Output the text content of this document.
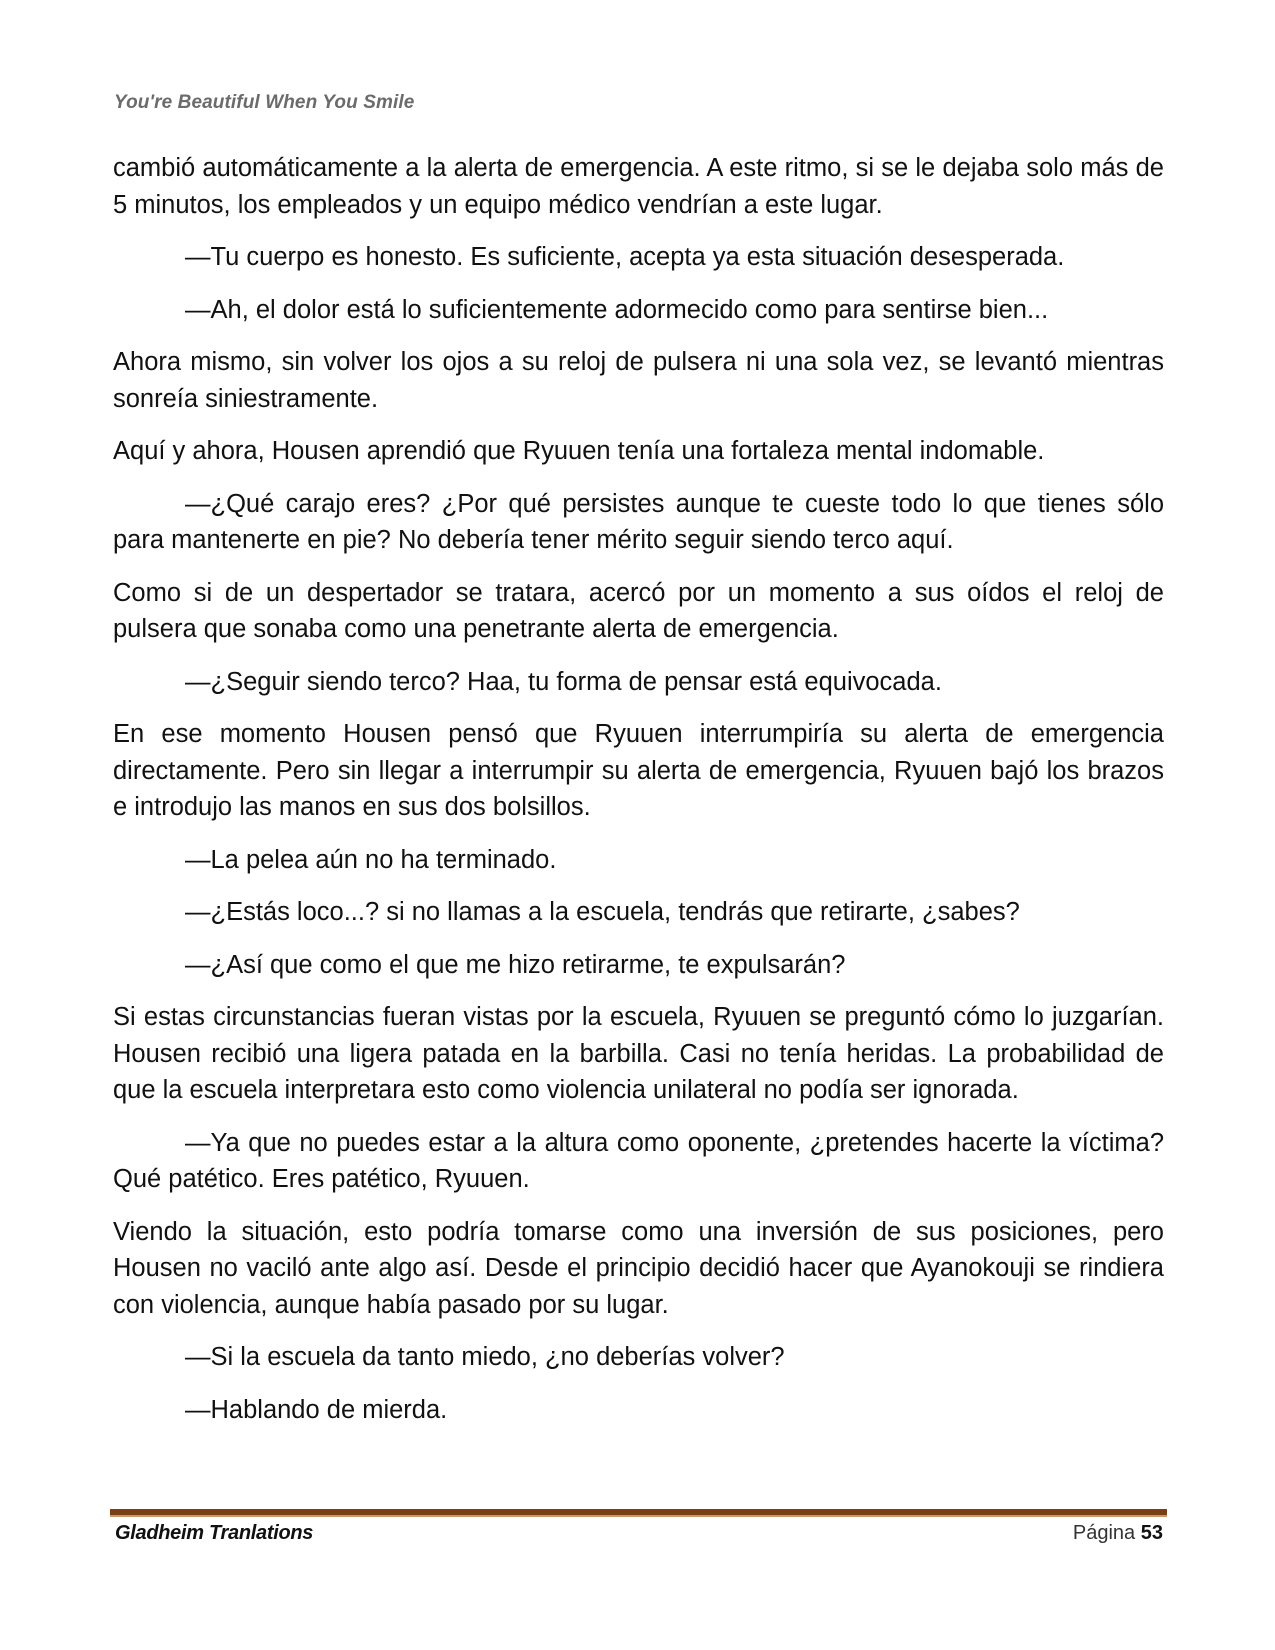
You're Beautiful When You Smile

cambió automáticamente a la alerta de emergencia. A este ritmo, si se le dejaba solo más de 5 minutos, los empleados y un equipo médico vendrían a este lugar.

—Tu cuerpo es honesto. Es suficiente, acepta ya esta situación desesperada.

—Ah, el dolor está lo suficientemente adormecido como para sentirse bien...

Ahora mismo, sin volver los ojos a su reloj de pulsera ni una sola vez, se levantó mientras sonreía siniestramente.

Aquí y ahora, Housen aprendió que Ryuuen tenía una fortaleza mental indomable.

—¿Qué carajo eres? ¿Por qué persistes aunque te cueste todo lo que tienes sólo para mantenerte en pie? No debería tener mérito seguir siendo terco aquí.

Como si de un despertador se tratara, acercó por un momento a sus oídos el reloj de pulsera que sonaba como una penetrante alerta de emergencia.

—¿Seguir siendo terco? Haa, tu forma de pensar está equivocada.

En ese momento Housen pensó que Ryuuen interrumpiría su alerta de emergencia directamente. Pero sin llegar a interrumpir su alerta de emergencia, Ryuuen bajó los brazos e introdujo las manos en sus dos bolsillos.

—La pelea aún no ha terminado.

—¿Estás loco...? si no llamas a la escuela, tendrás que retirarte, ¿sabes?

—¿Así que como el que me hizo retirarme, te expulsarán?

Si estas circunstancias fueran vistas por la escuela, Ryuuen se preguntó cómo lo juzgarían. Housen recibió una ligera patada en la barbilla. Casi no tenía heridas. La probabilidad de que la escuela interpretara esto como violencia unilateral no podía ser ignorada.

—Ya que no puedes estar a la altura como oponente, ¿pretendes hacerte la víctima? Qué patético. Eres patético, Ryuuen.

Viendo la situación, esto podría tomarse como una inversión de sus posiciones, pero Housen no vaciló ante algo así. Desde el principio decidió hacer que Ayanokouji se rindiera con violencia, aunque había pasado por su lugar.

—Si la escuela da tanto miedo, ¿no deberías volver?

—Hablando de mierda.

Gladheim Tranlations	Página 53
